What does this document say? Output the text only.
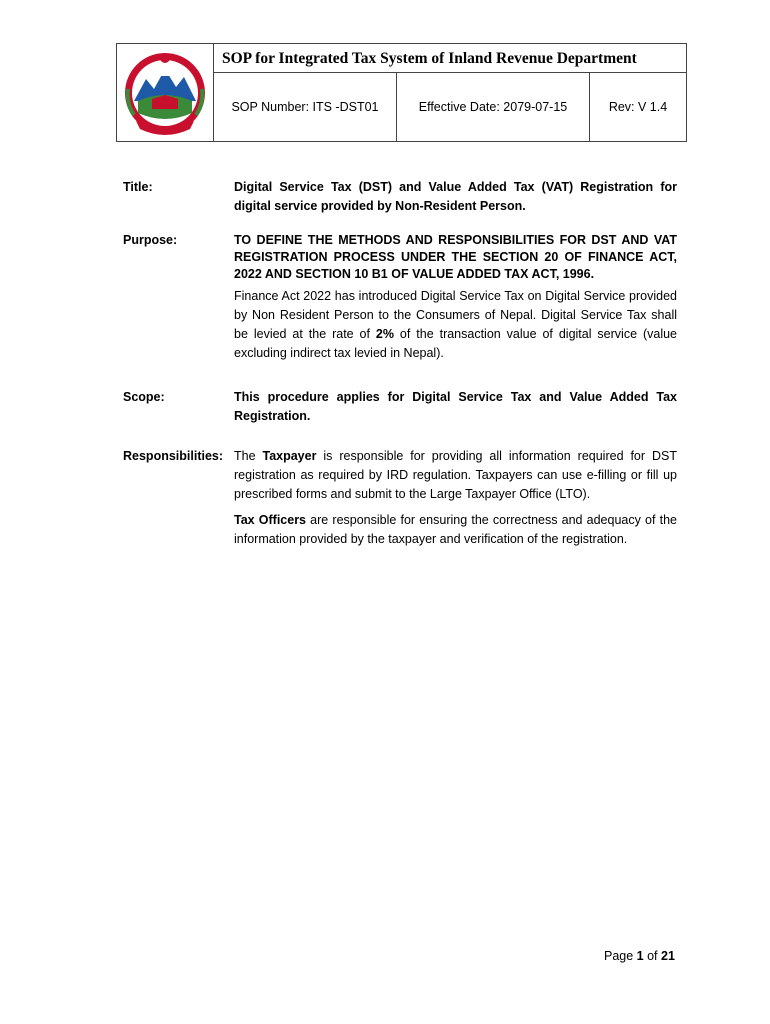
SOP for Integrated Tax System of Inland Revenue Department
SOP Number: ITS -DST01	Effective Date: 2079-07-15	Rev: V 1.4
Title:	Digital Service Tax (DST) and Value Added Tax (VAT) Registration for digital service provided by Non-Resident Person.
Purpose:	TO DEFINE THE METHODS AND RESPONSIBILITIES FOR DST AND VAT REGISTRATION PROCESS UNDER THE SECTION 20 OF FINANCE ACT, 2022 AND SECTION 10 B1 OF VALUE ADDED TAX ACT, 1996.
Finance Act 2022 has introduced Digital Service Tax on Digital Service provided by Non Resident Person to the Consumers of Nepal. Digital Service Tax shall be levied at the rate of 2% of the transaction value of digital service (value excluding indirect tax levied in Nepal).
Scope:	This procedure applies for Digital Service Tax and Value Added Tax Registration.
Responsibilities: The Taxpayer is responsible for providing all information required for DST registration as required by IRD regulation. Taxpayers can use e-filling or fill up prescribed forms and submit to the Large Taxpayer Office (LTO).
Tax Officers are responsible for ensuring the correctness and adequacy of the information provided by the taxpayer and verification of the registration.
Page 1 of 21
